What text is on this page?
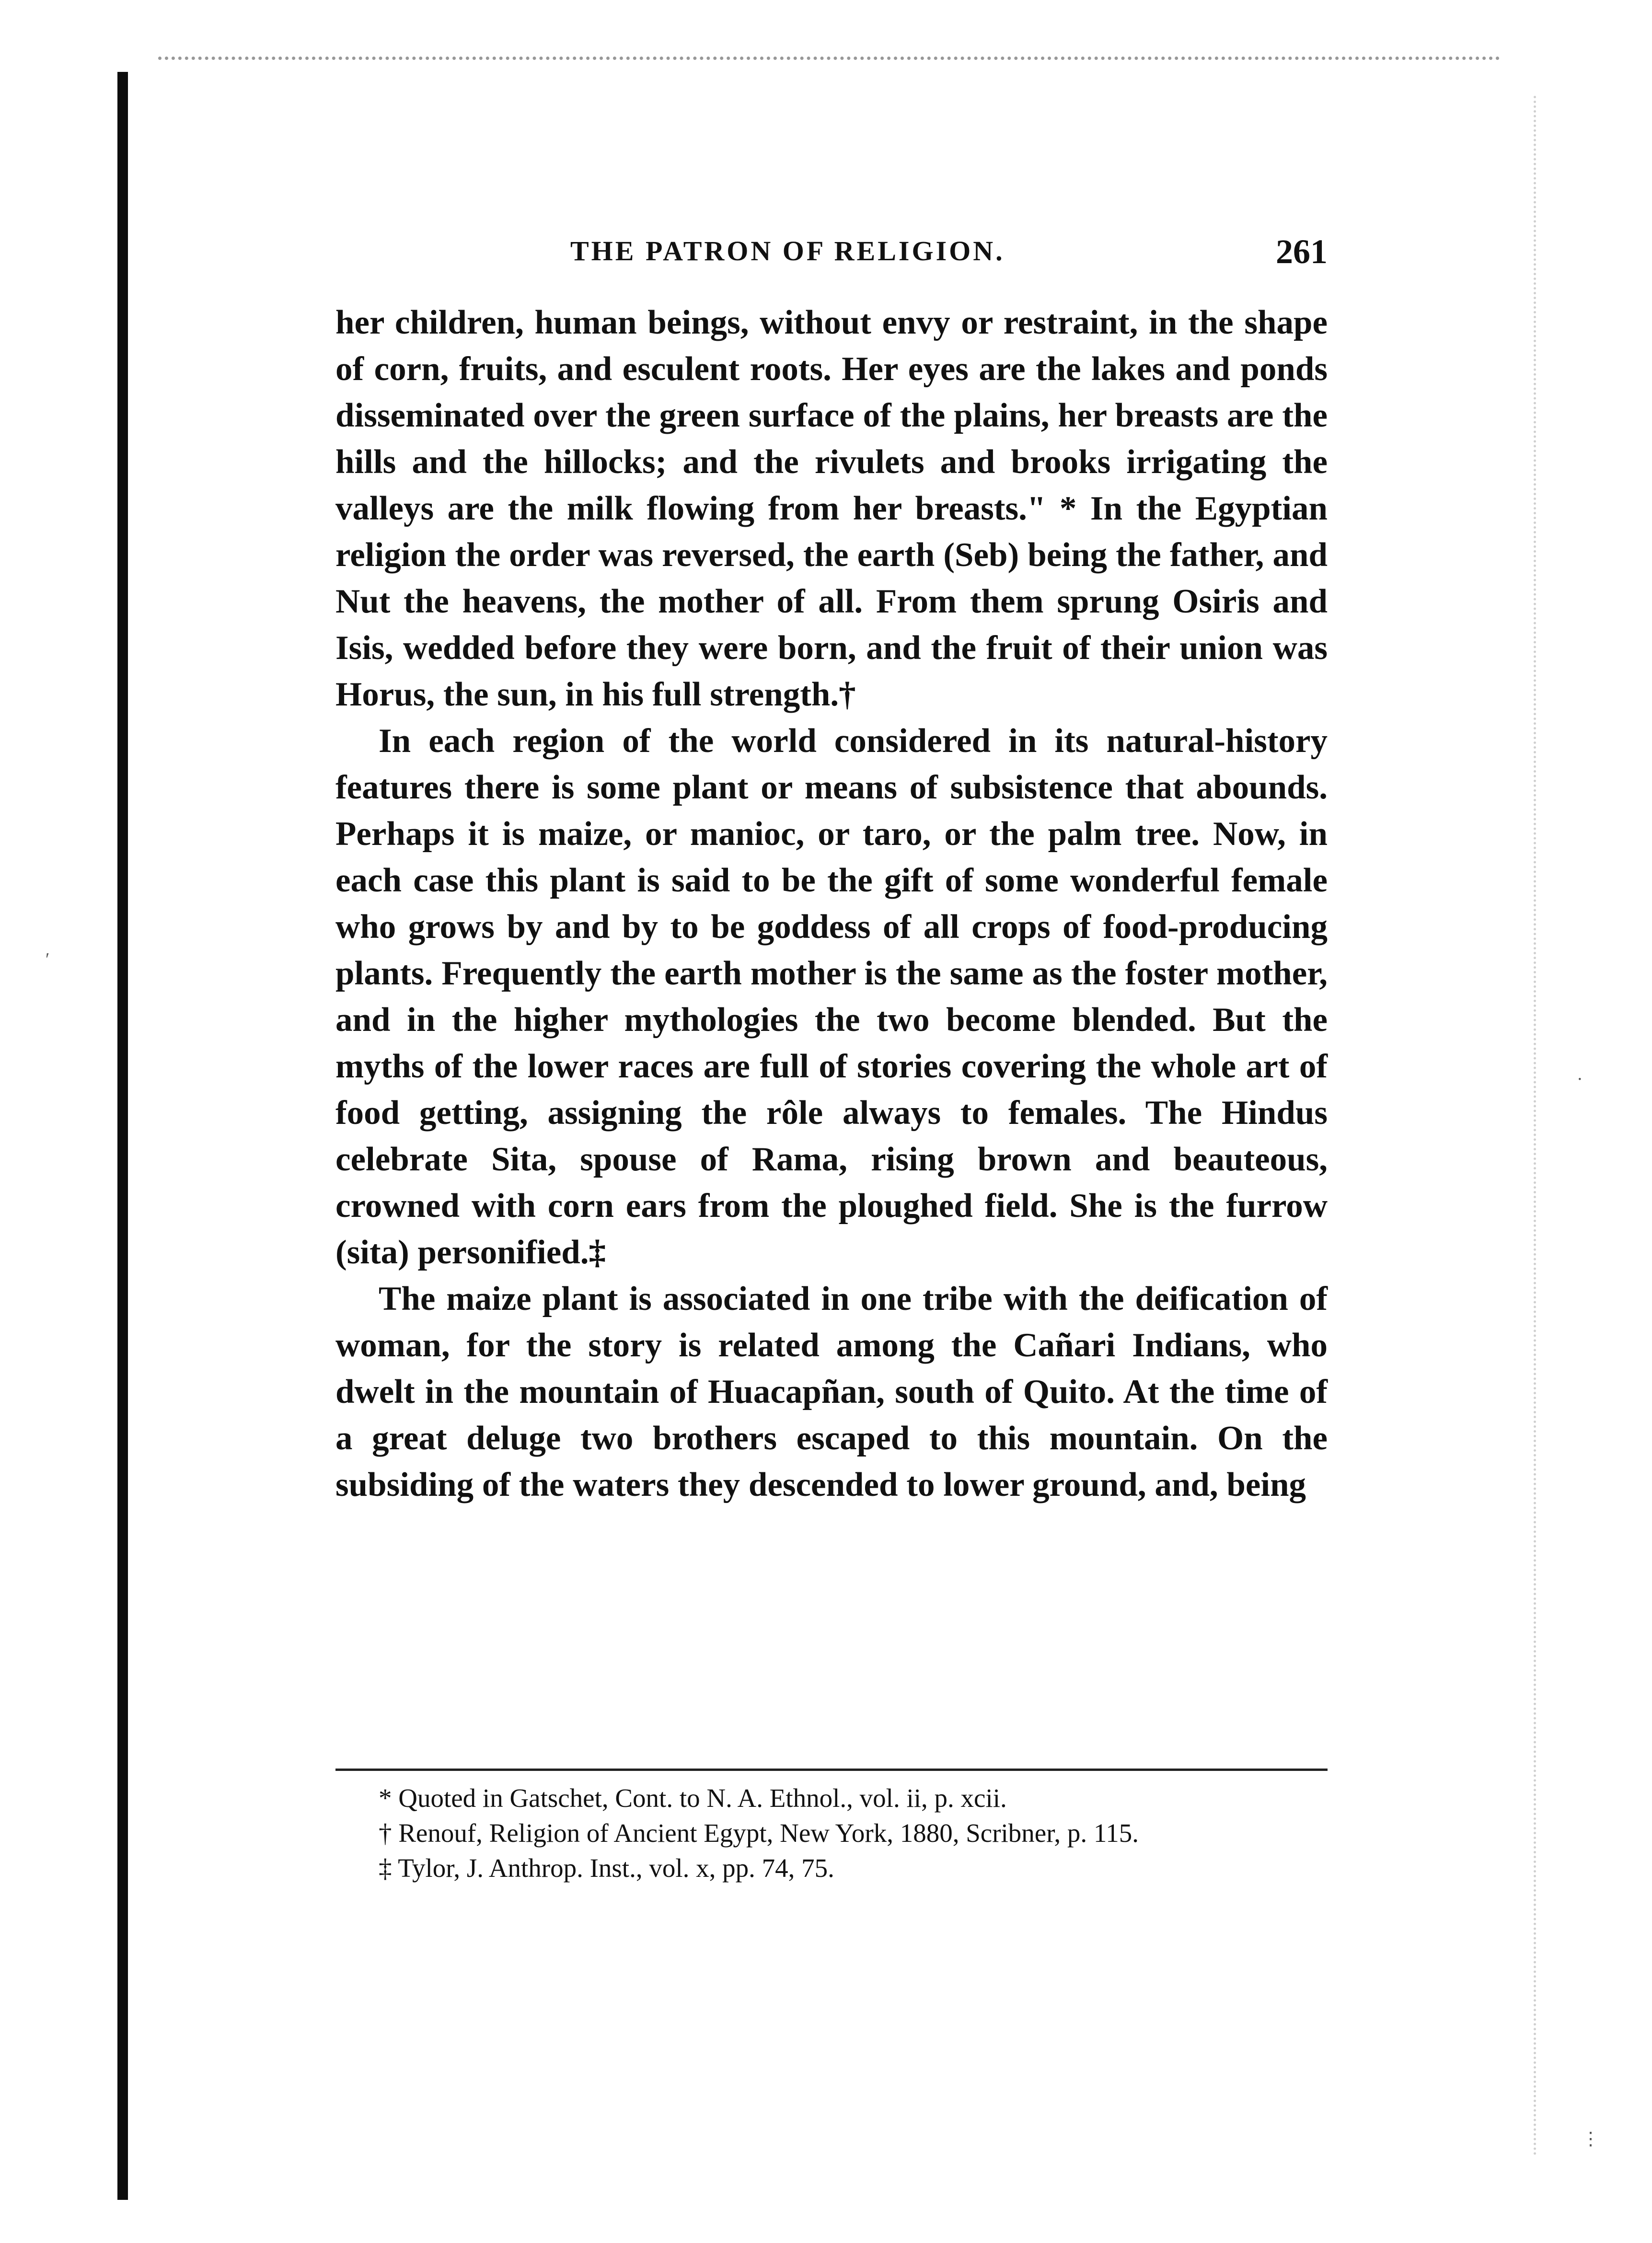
THE PATRON OF RELIGION.	261

her children, human beings, without envy or restraint, in the shape of corn, fruits, and esculent roots. Her eyes are the lakes and ponds disseminated over the green surface of the plains, her breasts are the hills and the hillocks; and the rivulets and brooks irrigating the valleys are the milk flowing from her breasts." * In the Egyptian religion the order was reversed, the earth (Seb) being the father, and Nut the heavens, the mother of all. From them sprung Osiris and Isis, wedded before they were born, and the fruit of their union was Horus, the sun, in his full strength.†

In each region of the world considered in its natural-history features there is some plant or means of subsistence that abounds. Perhaps it is maize, or manioc, or taro, or the palm tree. Now, in each case this plant is said to be the gift of some wonderful female who grows by and by to be goddess of all crops of food-producing plants. Frequently the earth mother is the same as the foster mother, and in the higher mythologies the two become blended. But the myths of the lower races are full of stories covering the whole art of food getting, assigning the rôle always to females. The Hindus celebrate Sita, spouse of Rama, rising brown and beauteous, crowned with corn ears from the ploughed field. She is the furrow (sita) personified.‡

The maize plant is associated in one tribe with the deification of woman, for the story is related among the Cañari Indians, who dwelt in the mountain of Huacapñan, south of Quito. At the time of a great deluge two brothers escaped to this mountain. On the subsiding of the waters they descended to lower ground, and, being

* Quoted in Gatschet, Cont. to N. A. Ethnol., vol. ii, p. xcii.

† Renouf, Religion of Ancient Egypt, New York, 1880, Scribner, p. 115.

‡ Tylor, J. Anthrop. Inst., vol. x, pp. 74, 75.

′
·
⋮
